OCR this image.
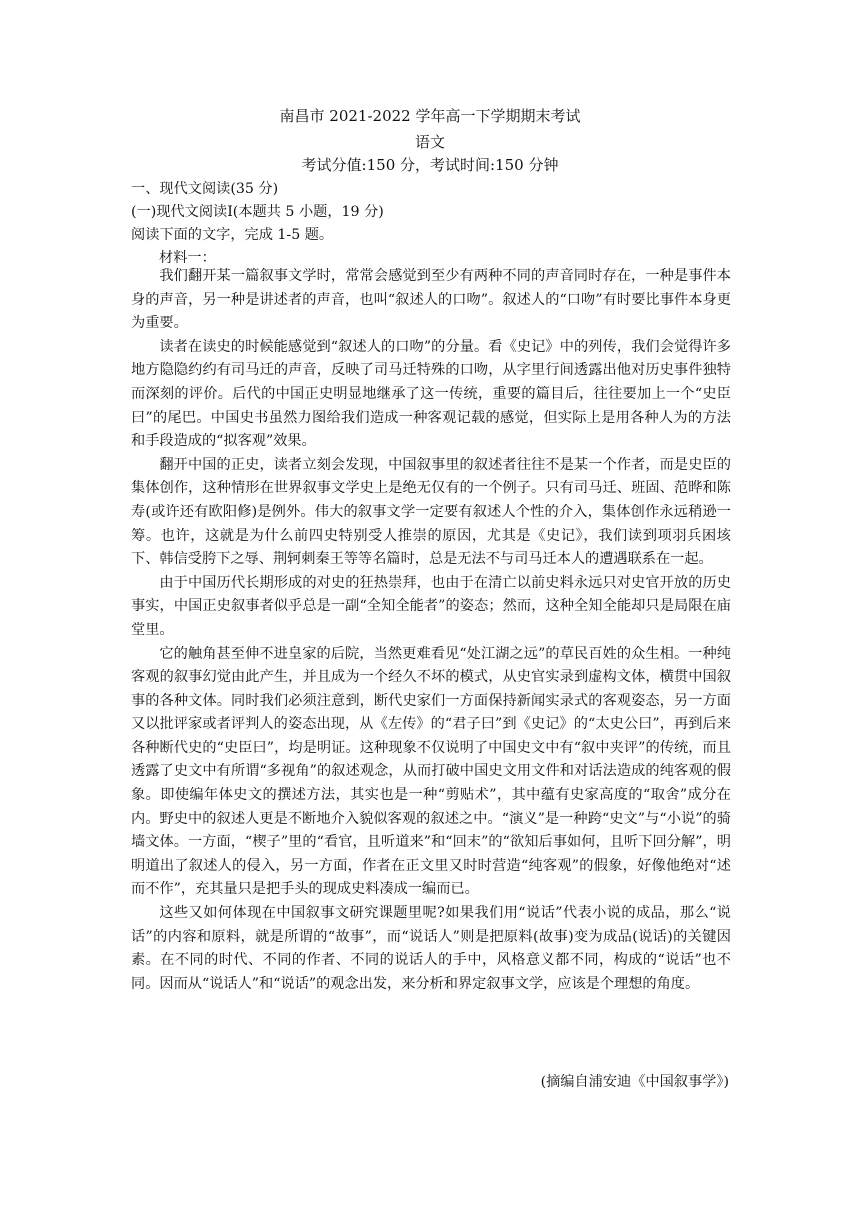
南昌市 2021-2022 学年高一下学期期末考试
语文
考试分值:150 分，考试时间:150 分钟
一、现代文阅读(35 分)
(一)现代文阅读Ⅰ(本题共 5 小题，19 分)
阅读下面的文字，完成 1-5 题。
材料一：

我们翻开某一篇叙事文学时，常常会感觉到至少有两种不同的声音同时存在，一种是事件本身的声音，另一种是讲述者的声音，也叫“叙述人的口吻”。叙述人的“口吻”有时要比事件本身更为重要。

读者在读史的时候能感觉到“叙述人的口吻”的分量。看《史记》中的列传，我们会觉得许多地方隐隐约约有司马迁的声音，反映了司马迁特殊的口吻，从字里行间透露出他对历史事件独特而深刻的评价。后代的中国正史明显地继承了这一传统，重要的篇目后，往往要加上一个“史臣曰”的尾巴。中国史书虽然力图给我们造成一种客观记载的感觉，但实际上是用各种人为的方法和手段造成的“拟客观”效果。

翻开中国的正史，读者立刻会发现，中国叙事里的叙述者往往不是某一个作者，而是史臣的集体创作，这种情形在世界叙事文学史上是绝无仅有的一个例子。只有司马迁、班固、范晔和陈寿(或许还有欧阳修)是例外。伟大的叙事文学一定要有叙述人个性的介入，集体创作永远稍逊一筹。也许，这就是为什么前四史特别受人推崇的原因，尤其是《史记》，我们读到项羽兵困垓下、韩信受胯下之辱、荆轲刺秦王等等名篇时，总是无法不与司马迁本人的遭遇联系在一起。

由于中国历代长期形成的对史的狂热崇拜，也由于在清亡以前史料永远只对史官开放的历史事实，中国正史叙事者似乎总是一副“全知全能者”的姿态；然而，这种全知全能却只是局限在庙堂里。

它的触角甚至伸不进皇家的后院，当然更难看见“处江湖之远”的草民百姓的众生相。一种纯客观的叙事幻觉由此产生，并且成为一个经久不坏的模式，从史官实录到虚构文体，横贯中国叙事的各种文体。同时我们必须注意到，断代史家们一方面保持新闻实录式的客观姿态，另一方面又以批评家或者评判人的姿态出现，从《左传》的“君子曰”到《史记》的“太史公曰”，再到后来各种断代史的“史臣曰”，均是明证。这种现象不仅说明了中国史文中有“叙中夹评”的传统，而且透露了史文中有所谓“多视角”的叙述观念，从而打破中国史文用文件和对话法造成的纯客观的假象。即使编年体史文的撰述方法，其实也是一种“剪贴术”，其中蕴有史家高度的“取舍”成分在内。野史中的叙述人更是不断地介入貌似客观的叙述之中。“演义”是一种跨“史文”与“小说”的骑墙文体。一方面，“楔子”里的“看官，且听道来”和“回末”的“欲知后事如何，且听下回分解”，明明道出了叙述人的侵入，另一方面，作者在正文里又时时营造“纯客观”的假象，好像他绝对“述而不作”，充其量只是把手头的现成史料凑成一编而已。

这些又如何体现在中国叙事文研究课题里呢?如果我们用“说话”代表小说的成品，那么“说话”的内容和原料，就是所谓的“故事”，而“说话人”则是把原料(故事)变为成品(说话)的关键因素。在不同的时代、不同的作者、不同的说话人的手中，风格意义都不同，构成的“说话”也不同。因而从“说话人”和“说话”的观念出发，来分析和界定叙事文学，应该是个理想的角度。

(摘编自浦安迪《中国叙事学》)
